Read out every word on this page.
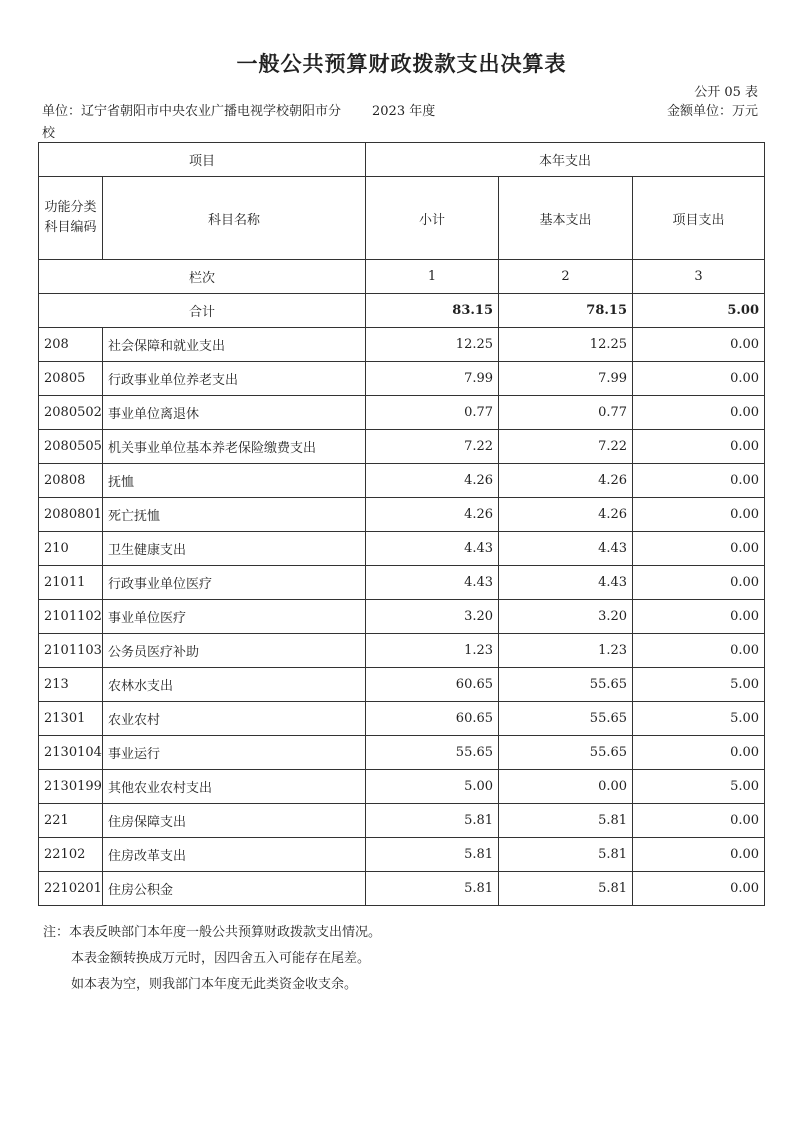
一般公共预算财政拨款支出决算表
公开 05 表
单位：辽宁省朝阳市中央农业广播电视学校朝阳市分校
2023 年度	金额单位：万元
项目		本年支出		
功能分类科目编码	科目名称	小计	基本支出	项目支出
栏次		1	2	3
合计		83.15	78.15	5.00
208	社会保障和就业支出	12.25	12.25	0.00
20805	行政事业单位养老支出	7.99	7.99	0.00
2080502	事业单位离退休	0.77	0.77	0.00
2080505	机关事业单位基本养老保险缴费支出	7.22	7.22	0.00
20808	抚恤	4.26	4.26	0.00
2080801	死亡抚恤	4.26	4.26	0.00
210	卫生健康支出	4.43	4.43	0.00
21011	行政事业单位医疗	4.43	4.43	0.00
2101102	事业单位医疗	3.20	3.20	0.00
2101103	公务员医疗补助	1.23	1.23	0.00
213	农林水支出	60.65	55.65	5.00
21301	农业农村	60.65	55.65	5.00
2130104	事业运行	55.65	55.65	0.00
2130199	其他农业农村支出	5.00	0.00	5.00
221	住房保障支出	5.81	5.81	0.00
22102	住房改革支出	5.81	5.81	0.00
2210201	住房公积金	5.81	5.81	0.00
注：本表反映部门本年度一般公共预算财政拨款支出情况。
本表金额转换成万元时，因四舍五入可能存在尾差。
如本表为空，则我部门本年度无此类资金收支余。
